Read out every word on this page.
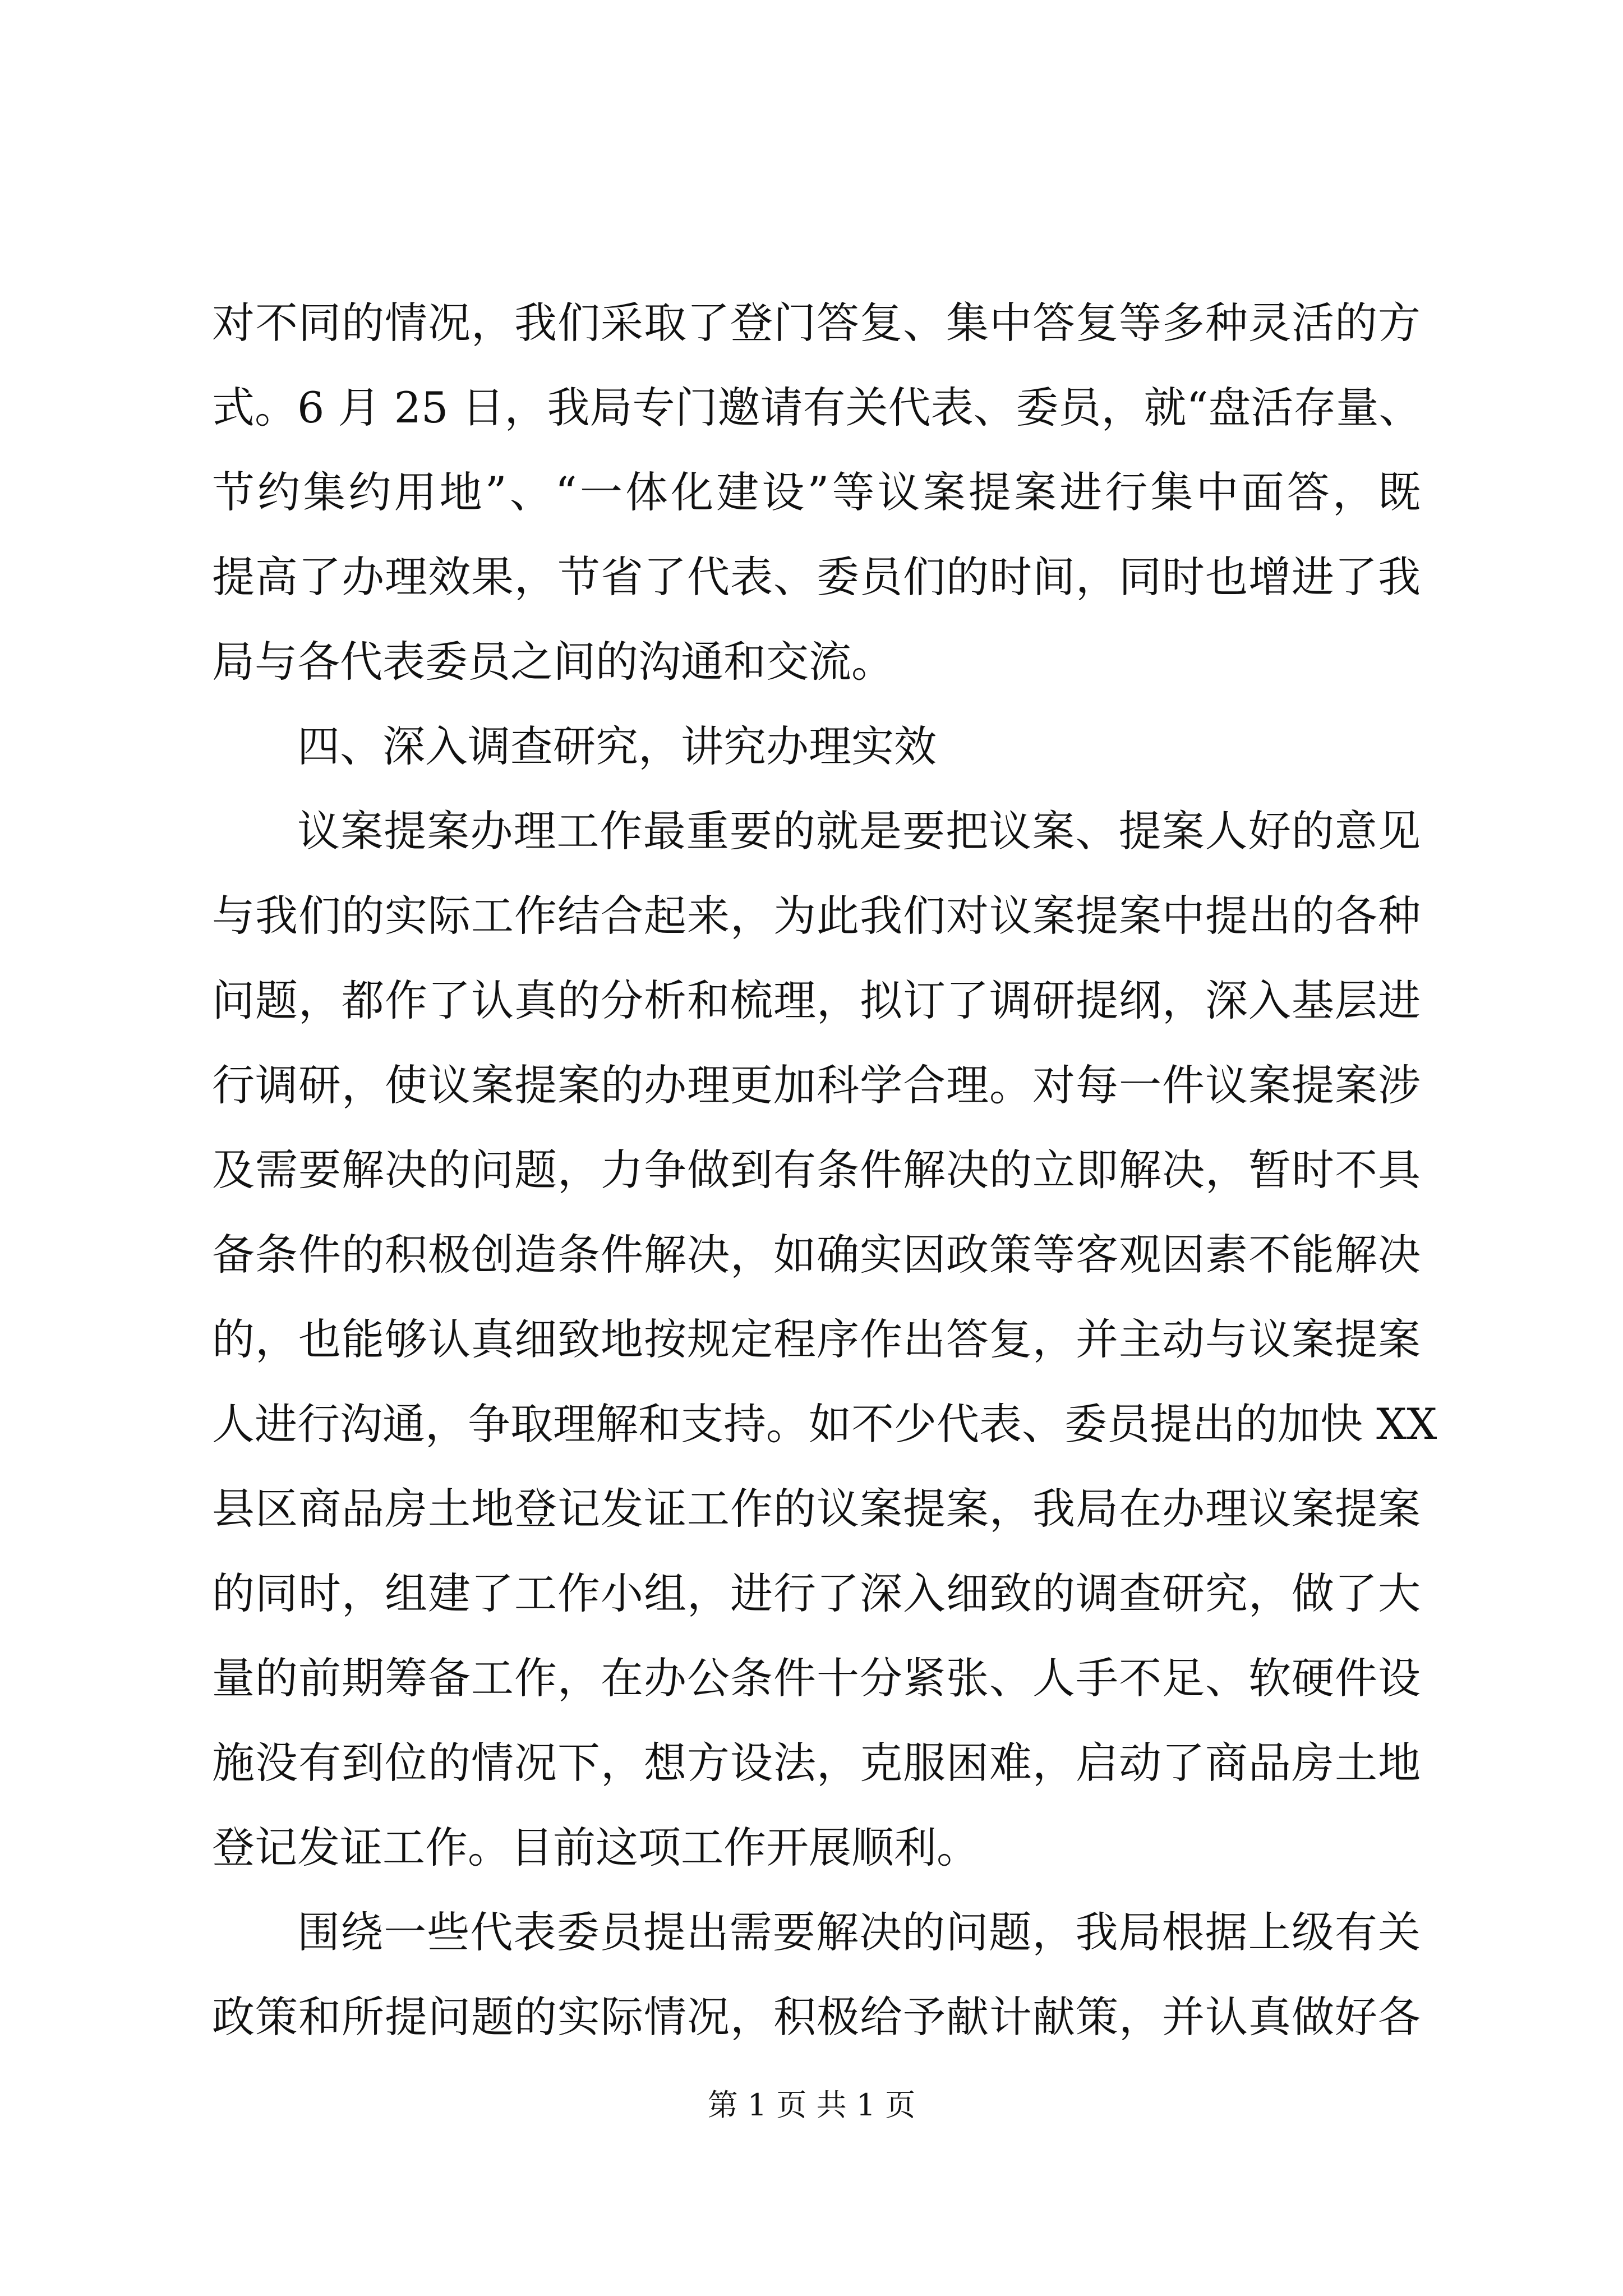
对不同的情况，我们采取了登门答复、集中答复等多种灵活的方
式。6 月 25 日，我局专门邀请有关代表、委员，就“盘活存量、
节约集约用地”、“一体化建设”等议案提案进行集中面答，既
提高了办理效果，节省了代表、委员们的时间，同时也增进了我
局与各代表委员之间的沟通和交流。
四、深入调查研究，讲究办理实效
议案提案办理工作最重要的就是要把议案、提案人好的意见
与我们的实际工作结合起来，为此我们对议案提案中提出的各种
问题，都作了认真的分析和梳理，拟订了调研提纲，深入基层进
行调研，使议案提案的办理更加科学合理。对每一件议案提案涉
及需要解决的问题，力争做到有条件解决的立即解决，暂时不具
备条件的积极创造条件解决，如确实因政策等客观因素不能解决
的，也能够认真细致地按规定程序作出答复，并主动与议案提案
人进行沟通，争取理解和支持。如不少代表、委员提出的加快 XX
县区商品房土地登记发证工作的议案提案，我局在办理议案提案
的同时，组建了工作小组，进行了深入细致的调查研究，做了大
量的前期筹备工作，在办公条件十分紧张、人手不足、软硬件设
施没有到位的情况下，想方设法，克服困难，启动了商品房土地
登记发证工作。目前这项工作开展顺利。
围绕一些代表委员提出需要解决的问题，我局根据上级有关
政策和所提问题的实际情况，积极给予献计献策，并认真做好各
第 1 页 共 1 页
